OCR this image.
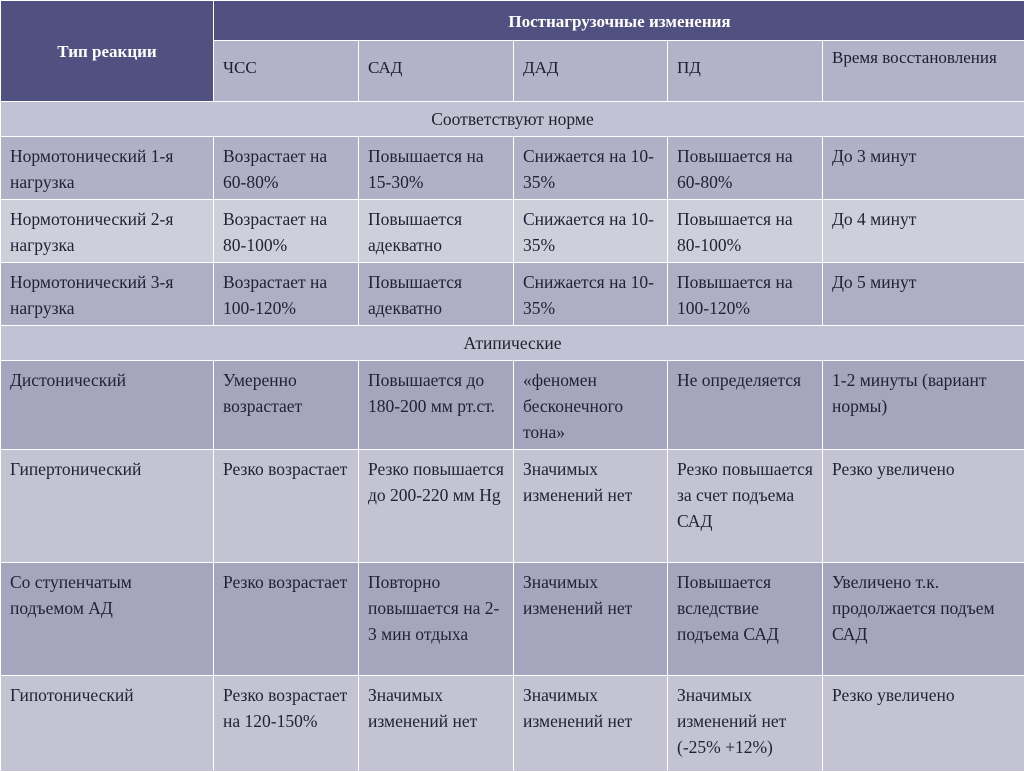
Тип реакции	Постнагрузочные изменения				
	ЧСС	САД	ДАД	ПД	Время восстановления
Соответствуют норме					
Нормотонический 1-я нагрузка	Возрастает на 60-80%	Повышается на 15-30%	Снижается на 10-35%	Повышается на 60-80%	До 3 минут
Нормотонический 2-я нагрузка	Возрастает на 80-100%	Повышается адекватно	Снижается на 10-35%	Повышается на 80-100%	До 4 минут
Нормотонический 3-я нагрузка	Возрастает на 100-120%	Повышается адекватно	Снижается на 10-35%	Повышается на 100-120%	До 5 минут
Атипические					
Дистонический	Умеренно возрастает	Повышается до 180-200 мм рт.ст.	«феномен бесконечного тона»	Не определяется	1-2 минуты (вариант нормы)
Гипертонический	Резко возрастает	Резко повышается до 200-220 мм Hg	Значимых изменений нет	Резко повышается за счет подъема САД	Резко увеличено
Со ступенчатым подъемом АД	Резко возрастает	Повторно повышается на 2-3 мин отдыха	Значимых изменений нет	Повышается вследствие подъема САД	Увеличено т.к. продолжается подъем САД
Гипотонический	Резко возрастает на 120-150%	Значимых изменений нет	Значимых изменений нет	Значимых изменений нет (-25% +12%)	Резко увеличено
